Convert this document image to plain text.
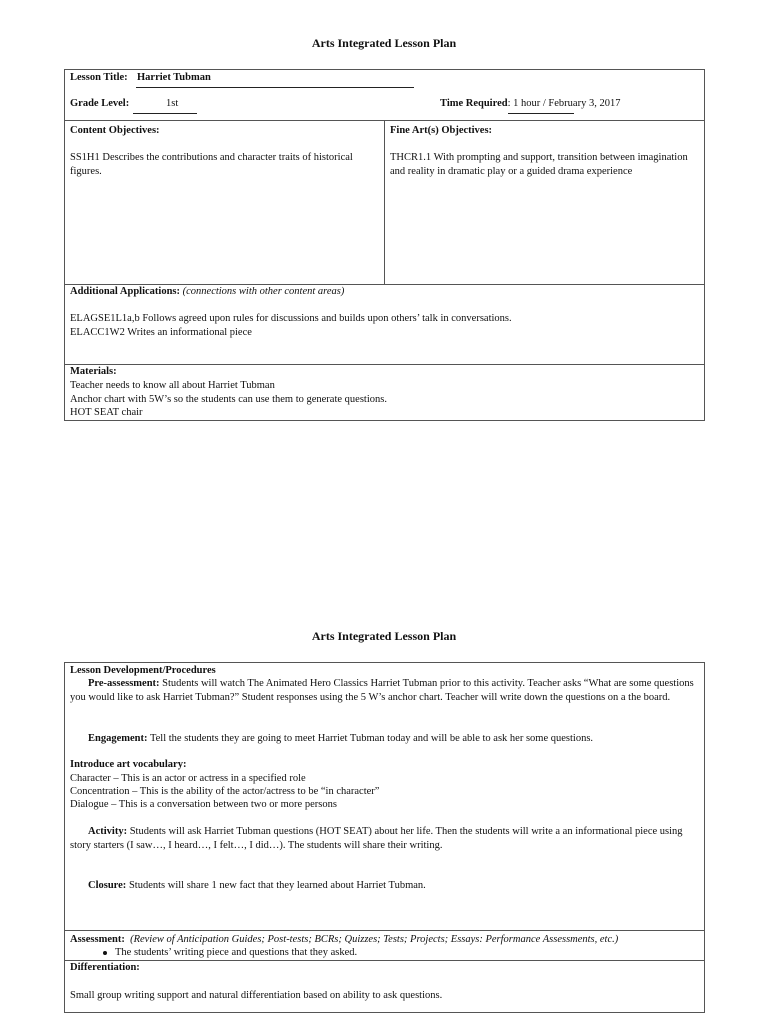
Arts Integrated Lesson Plan
Lesson Title: Harriet Tubman
Grade Level:	1st	Time Required: 1 hour / February 3, 2017
Content Objectives:
SS1H1 Describes the contributions and character traits of historical figures.
Fine Art(s) Objectives:
THCR1.1 With prompting and support, transition between imagination and reality in dramatic play or a guided drama experience
Additional Applications: (connections with other content areas)
ELAGSE1L1a,b Follows agreed upon rules for discussions and builds upon others’ talk in conversations.
ELACC1W2 Writes an informational piece
Materials:
Teacher needs to know all about Harriet Tubman
Anchor chart with 5W’s so the students can use them to generate questions.
HOT SEAT chair
Arts Integrated Lesson Plan
Lesson Development/Procedures
Pre-assessment: Students will watch The Animated Hero Classics Harriet Tubman prior to this activity. Teacher asks “What are some questions you would like to ask Harriet Tubman?” Student responses using the 5 W’s anchor chart. Teacher will write down the questions on a the board.
Engagement: Tell the students they are going to meet Harriet Tubman today and will be able to ask her some questions.
Introduce art vocabulary:
Character – This is an actor or actress in a specified role
Concentration – This is the ability of the actor/actress to be “in character”
Dialogue – This is a conversation between two or more persons
Activity: Students will ask Harriet Tubman questions (HOT SEAT) about her life. Then the students will write a an informational piece using story starters (I saw…, I heard…, I felt…, I did…). The students will share their writing.
Closure: Students will share 1 new fact that they learned about Harriet Tubman.
Assessment: (Review of Anticipation Guides; Post-tests; BCRs; Quizzes; Tests; Projects; Essays: Performance Assessments, etc.)
The students’ writing piece and questions that they asked.
Differentiation:
Small group writing support and natural differentiation based on ability to ask questions.
